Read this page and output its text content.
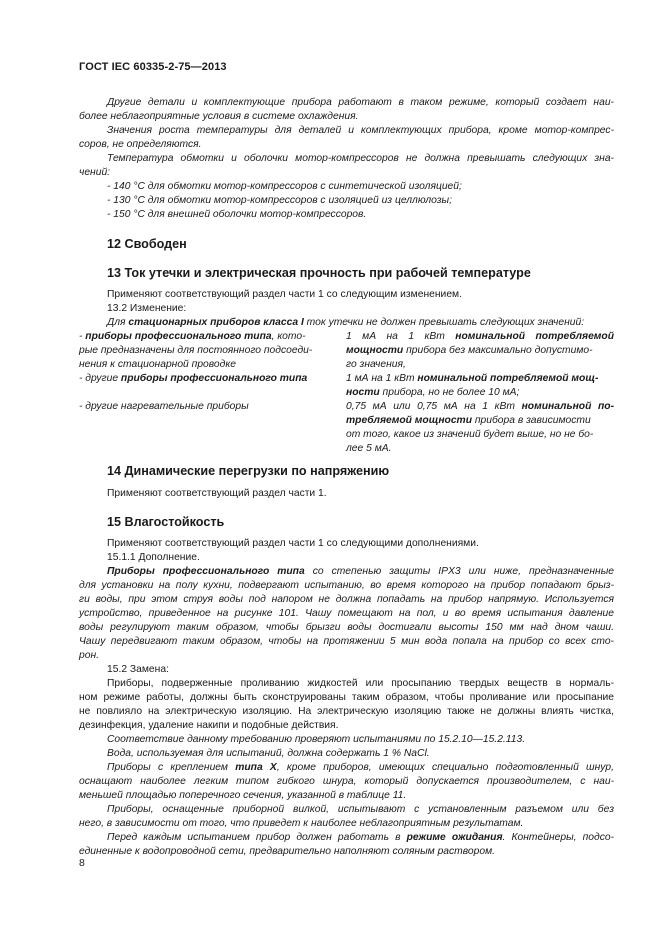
ГОСТ IEC 60335-2-75—2013
Другие детали и комплектующие прибора работают в таком режиме, который создает наи-
более неблагоприятные условия в системе охлаждения.
Значения роста температуры для деталей и комплектующих прибора, кроме мотор-компрес-
соров, не определяются.
Температура обмотки и оболочки мотор-компрессоров не должна превышать следующих зна-
чений:
- 140 °С для обмотки мотор-компрессоров с синтетической изоляцией;
- 130 °С для обмотки мотор-компрессоров с изоляцией из целлюлозы;
- 150 °С для внешней оболочки мотор-компрессоров.
12 Свободен
13 Ток утечки и электрическая прочность при рабочей температуре
Применяют соответствующий раздел части 1 со следующим изменением.
13.2 Изменение:
Для стационарных приборов класса I ток утечки не должен превышать следующих значений:
- приборы профессионального типа, кото-
рые предназначены для постоянного подсоеди-
нения к стационарной проводке
1 мА на 1 кВт номинальной потребляемой
мощности прибора без максимально допустимо-
го значения,
- другие приборы профессионального типа	1 мА на 1 кВт номинальной потребляемой мощ-
ности прибора, но не более 10 мА;
- другие нагревательные приборы	0,75 мА или 0,75 мА на 1 кВт номинальной по-
требляемой мощности прибора в зависимости
от того, какое из значений будет выше, но не бо-
лее 5 мА.
14 Динамические перегрузки по напряжению
Применяют соответствующий раздел части 1.
15 Влагостойкость
Применяют соответствующий раздел части 1 со следующими дополнениями.
15.1.1 Дополнение.
Приборы профессионального типа со степенью защиты IPX3 или ниже, предназначенные
для установки на полу кухни, подвергают испытанию, во время которого на прибор попадают брыз-
ги воды, при этом струя воды под напором не должна попадать на прибор напрямую. Используется
устройство, приведенное на рисунке 101. Чашу помещают на пол, и во время испытания давление
воды регулируют таким образом, чтобы брызги воды достигали высоты 150 мм над дном чаши.
Чашу передвигают таким образом, чтобы на протяжении 5 мин вода попала на прибор со всех сто-
рон.
15.2 Замена:
Приборы, подверженные проливанию жидкостей или просыпанию твердых веществ в нормаль-
ном режиме работы, должны быть сконструированы таким образом, чтобы проливание или просыпание
не повлияло на электрическую изоляцию. На электрическую изоляцию также не должны влиять чистка,
дезинфекция, удаление накипи и подобные действия.
Соответствие данному требованию проверяют испытаниями по 15.2.10—15.2.113.
Вода, используемая для испытаний, должна содержать 1 % NaCl.
Приборы с креплением типа X, кроме приборов, имеющих специально подготовленный шнур,
оснащают наиболее легким типом гибкого шнура, который допускается производителем, с наи-
меньшей площадью поперечного сечения, указанной в таблице 11.
Приборы, оснащенные приборной вилкой, испытывают с установленным разъемом или без
него, в зависимости от того, что приведет к наиболее неблагоприятным результатам.
Перед каждым испытанием прибор должен работать в режиме ожидания. Контейнеры, подсо-
единенные к водопроводной сети, предварительно наполняют соляным раствором.
8
